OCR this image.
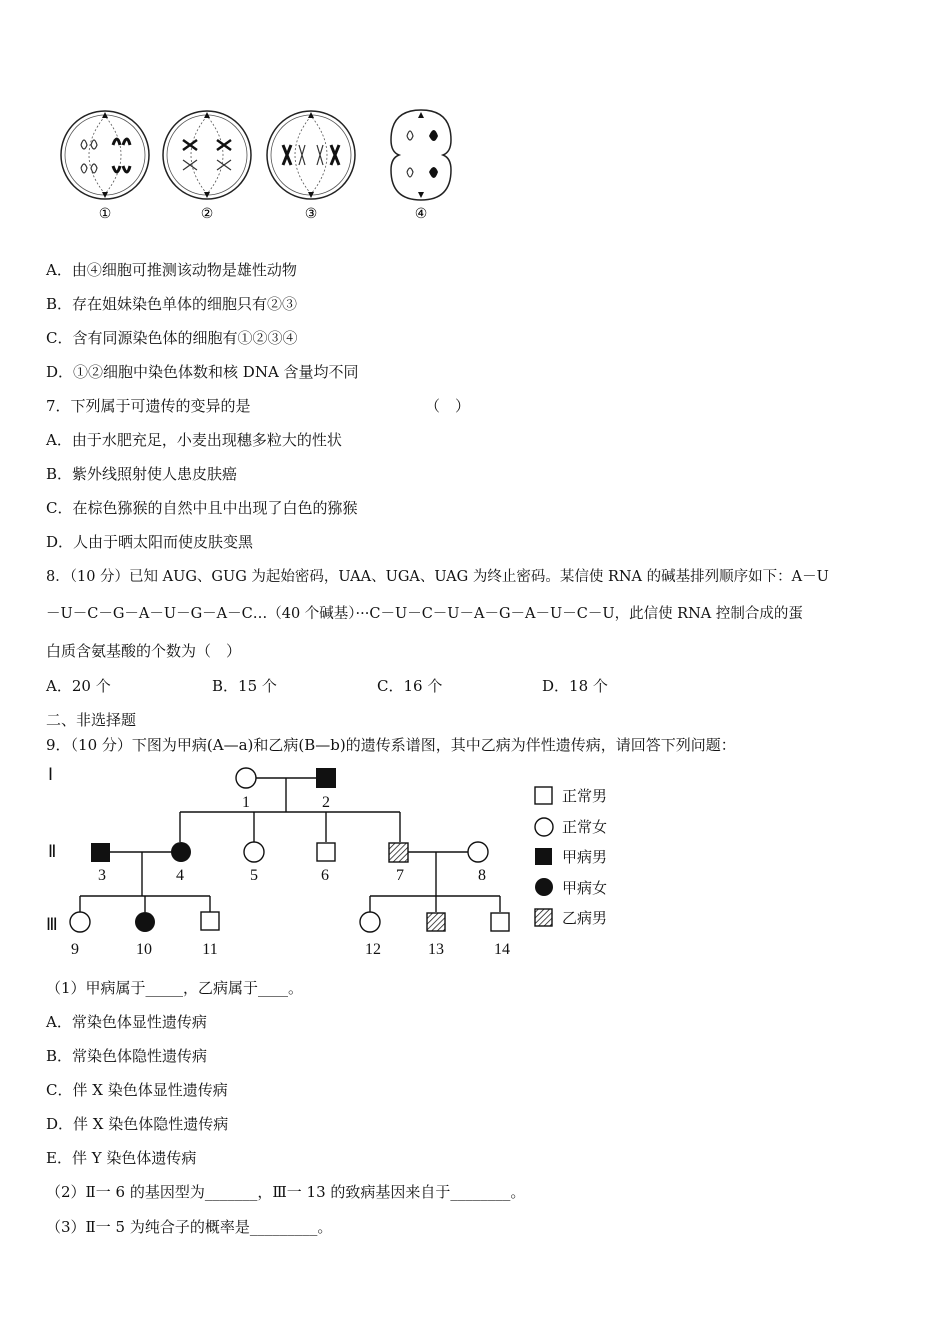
①	②	③	④
A．由④细胞可推测该动物是雄性动物
B．存在姐妹染色单体的细胞只有②③
C．含有同源染色体的细胞有①②③④
D．①②细胞中染色体数和核 DNA 含量均不同
7．下列属于可遗传的变异的是	（　）
A．由于水肥充足，小麦出现穗多粒大的性状
B．紫外线照射使人患皮肤癌
C．在棕色猕猴的自然中且中出现了白色的猕猴
D．人由于晒太阳而使皮肤变黑
8．（10 分）已知 AUG、GUG 为起始密码，UAA、UGA、UAG 为终止密码。某信使 RNA 的碱基排列顺序如下：A－U
－U－C－G－A－U－G－A－C…（40 个碱基）···C－U－C－U－A－G－A－U－C－U，此信使 RNA 控制合成的蛋
白质含氨基酸的个数为（　）
A．20 个	B．15 个	C．16 个	D．18 个
二、非选择题
9．（10 分）下图为甲病(A—a)和乙病(B—b)的遗传系谱图，其中乙病为伴性遗传病，请回答下列问题：
Ⅰ
Ⅱ
Ⅲ
1	2
3	4	5	6	7	8
9	10	11	12	13	14
正常男
正常女
甲病男
甲病女
乙病男
（1）甲病属于_____，乙病属于____。
A．常染色体显性遗传病
B．常染色体隐性遗传病
C．伴 X 染色体显性遗传病
D．伴 X 染色体隐性遗传病
E．伴 Y 染色体遗传病
（2）Ⅱ一 6 的基因型为_______，Ⅲ一 13 的致病基因来自于________。
（3）Ⅱ一 5 为纯合子的概率是_________。
